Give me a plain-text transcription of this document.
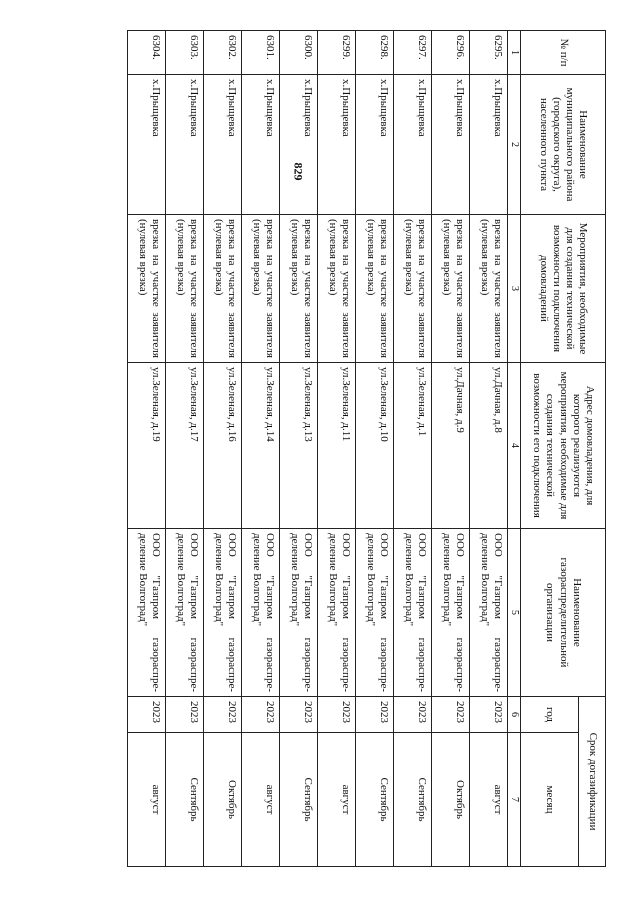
829
№ п/п	Наименование муниципального района (городского округа), населенного пункта	Мероприятия, необходимые для создания технической возможности подключения домовладений	Адрес домовладения, для которого реализуются мероприятия, необходимые для создания технической возможности его подключения	Наименование газораспределительной организации	Срок догазификации	
					год	месяц
1	2	3	4	5	6	7
6295.	х.Прыщевка	врезка на участке заявителя (нулевая врезка)	ул.Дачная, д.8	ООО "Газпром газораспре-деление Волгоград"	2023	август
6296.	х.Прыщевка	врезка на участке заявителя (нулевая врезка)	ул.Дачная, д.9	ООО "Газпром газораспре-деление Волгоград"	2023	Октябрь
6297.	х.Прыщевка	врезка на участке заявителя (нулевая врезка)	ул.Зеленая, д.1	ООО "Газпром газораспре-деление Волгоград"	2023	Сентябрь
6298.	х.Прыщевка	врезка на участке заявителя (нулевая врезка)	ул.Зеленая, д.10	ООО "Газпром газораспре-деление Волгоград"	2023	Сентябрь
6299.	х.Прыщевка	врезка на участке заявителя (нулевая врезка)	ул.Зеленая, д.11	ООО "Газпром газораспре-деление Волгоград"	2023	август
6300.	х.Прыщевка	врезка на участке заявителя (нулевая врезка)	ул.Зеленая, д.13	ООО "Газпром газораспре-деление Волгоград"	2023	Сентябрь
6301.	х.Прыщевка	врезка на участке заявителя (нулевая врезка)	ул.Зеленая, д.14	ООО "Газпром газораспре-деление Волгоград"	2023	август
6302.	х.Прыщевка	врезка на участке заявителя (нулевая врезка)	ул.Зеленая, д.16	ООО "Газпром газораспре-деление Волгоград"	2023	Октябрь
6303.	х.Прыщевка	врезка на участке заявителя (нулевая врезка)	ул.Зеленая, д.17	ООО "Газпром газораспре-деление Волгоград"	2023	Сентябрь
6304.	х.Прыщевка	врезка на участке заявителя (нулевая врезка)	ул.Зеленая, д.19	ООО "Газпром газораспре-деление Волгоград"	2023	август
